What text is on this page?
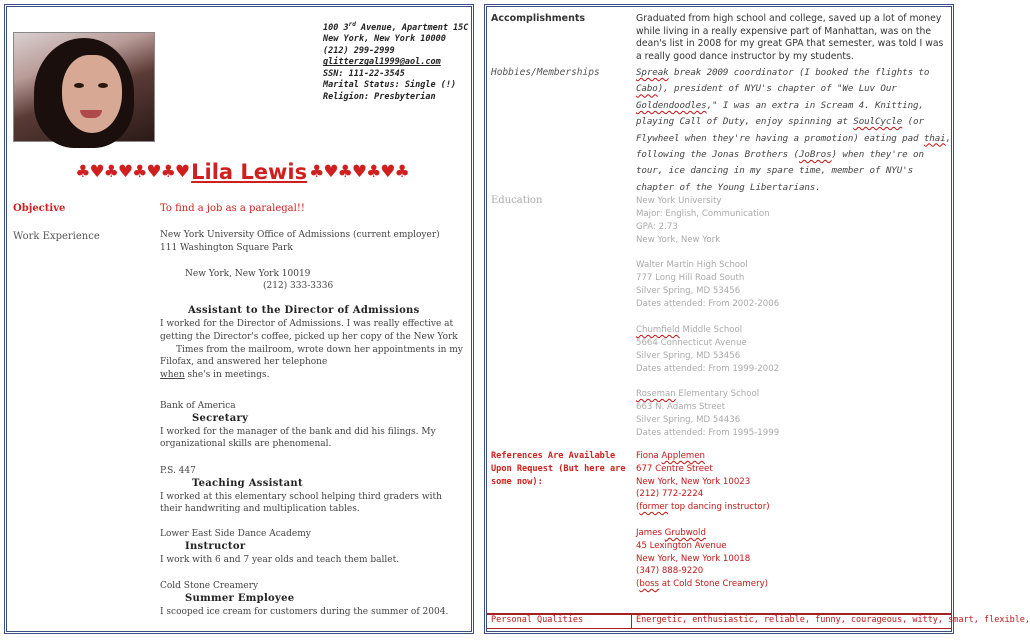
100 3rd Avenue, Apartment 15C
New York, New York 10000
(212) 299-2999
glitterzgal1999@aol.com
SSN: 111-22-3545
Marital Status: Single (!)
Religion: Presbyterian
♣♥♣♥♣♥♣♥Lila Lewis ♣♥♣♥♣♥♣
Objective	To find a job as a paralegal!!
Work Experience	New York University Office of Admissions (current employer)
111 Washington Square Park
New York, New York 10019
(212) 333-3336
Assistant to the Director of Admissions
I worked for the Director of Admissions. I was really effective at
getting the Director's coffee, picked up her copy of the New York
Times from the mailroom, wrote down her appointments in my
Filofax, and answered her telephone
when she's in meetings.
Bank of America
Secretary
I worked for the manager of the bank and did his filings. My
organizational skills are phenomenal.
P.S. 447
Teaching Assistant
I worked at this elementary school helping third graders with
their handwriting and multiplication tables.
Lower East Side Dance Academy
Instructor
I work with 6 and 7 year olds and teach them ballet.
Cold Stone Creamery
Summer Employee
I scooped ice cream for customers during the summer of 2004.
Accomplishments	Graduated from high school and college, saved up a lot of money while living in a really expensive part of Manhattan, was on the dean's list in 2008 for my great GPA that semester, was told I was a really good dance instructor by my students.
Hobbies/Memberships	Spreak break 2009 coordinator (I booked the flights to Cabo), president of NYU's chapter of "We Luv Our Goldendoodles," I was an extra in Scream 4. Knitting, playing Call of Duty, enjoy spinning at SoulCycle (or Flywheel when they're having a promotion) eating pad thai, following the Jonas Brothers (JoBros) when they're on tour, ice dancing in my spare time, member of NYU's chapter of the Young Libertarians.
Education	New York University
Major: English, Communication
GPA: 2.73
New York, New York
Walter Martin High School
777 Long Hill Road South
Silver Spring, MD 53456
Dates attended: From 2002-2006
Chumfield Middle School
5664 Connecticut Avenue
Silver Spring, MD 53456
Dates attended: From 1999-2002
Roseman Elementary School
663 N. Adams Street
Silver Spring, MD 54436
Dates attended: From 1995-1999
References Are Available
Upon Request (But here are
some now):
Fiona Applemen
677 Centre Street
New York, New York 10023
(212) 772-2224
(former top dancing instructor)
James Grubwold
45 Lexington Avenue
New York, New York 10018
(347) 888-9220
(boss at Cold Stone Creamery)
Personal Qualities	Energetic, enthusiastic, reliable, funny, courageous, witty, smart, flexible,
